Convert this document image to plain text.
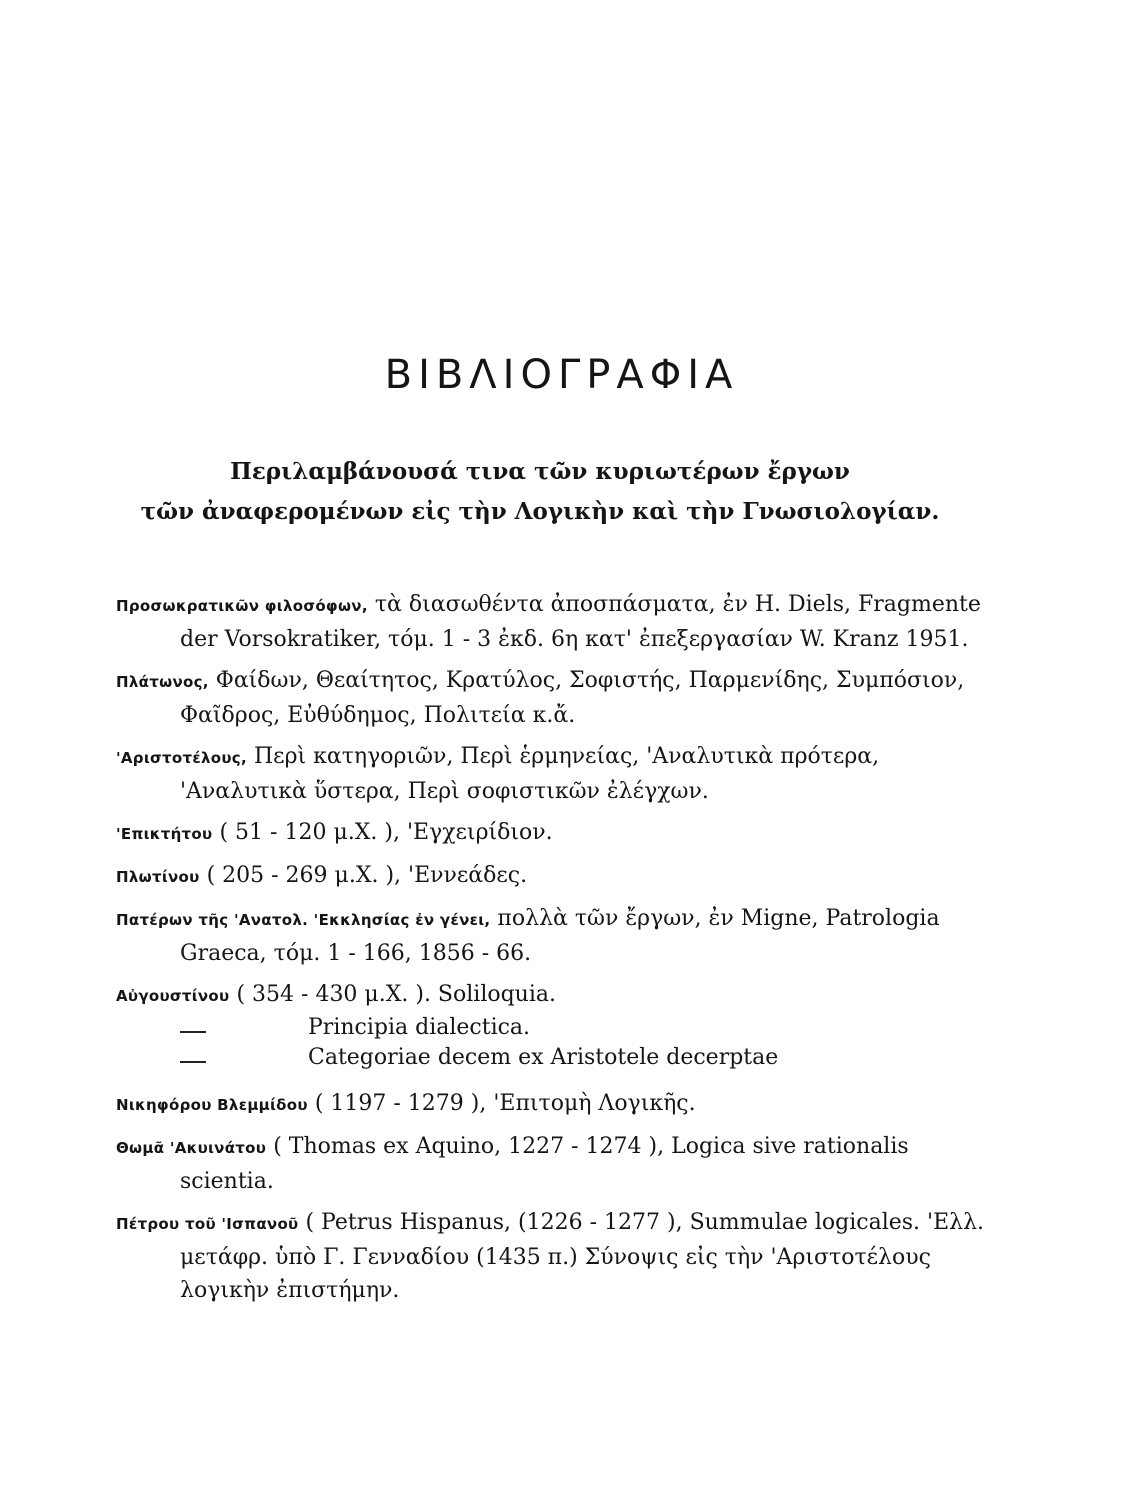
ΒΙΒΛΙΟΓΡΑΦΙΑ
Περιλαμβάνουσά τινα τῶν κυριωτέρων ἔργων
τῶν ἀναφερομένων εἰς τὴν Λογικὴν καὶ τὴν Γνωσιολογίαν.
Προσωκρατικῶν φιλοσόφων, τὰ διασωθέντα ἀποσπάσματα, ἐν H. Diels, Fragmente der Vorsokratiker, τόμ. 1 - 3 ἐκδ. 6η κατ' ἐπεξεργασίαν W. Kranz 1951.
Πλάτωνος, Φαίδων, Θεαίτητος, Κρατύλος, Σοφιστής, Παρμενίδης, Συμπόσιον, Φαῖδρος, Εὐθύδημος, Πολιτεία κ.ἄ.
'Αριστοτέλους, Περὶ κατηγοριῶν, Περὶ ἑρμηνείας, 'Αναλυτικὰ πρότερα, 'Αναλυτικὰ ὕστερα, Περὶ σοφιστικῶν ἐλέγχων.
'Επικτήτου ( 51 - 120 μ.X. ), 'Εγχειρίδιον.
Πλωτίνου ( 205 - 269 μ.X. ), 'Εννεάδες.
Πατέρων τῆς 'Ανατολ. 'Εκκλησίας ἐν γένει, πολλὰ τῶν ἔργων, ἐν Migne, Patrologia Graeca, τόμ. 1 - 166, 1856 - 66.
Αὐγουστίνου ( 354 - 430 μ.X. ). Soliloquia.
Principia dialectica.
Categoriae decem ex Aristotele decerptae
Νικηφόρου Βλεμμίδου ( 1197 - 1279 ), 'Επιτομὴ Λογικῆς.
Θωμᾶ 'Ακυινάτου ( Thomas ex Aquino, 1227 - 1274 ), Logica sive rationalis scientia.
Πέτρου τοῦ 'Ισπανοῦ ( Petrus Hispanus, (1226 - 1277 ), Summulae logicales. 'Ελλ. μετάφρ. ὑπὸ Γ. Γενναδίου (1435 π.) Σύνοψις εἰς τὴν 'Αριστοτέλους λογικὴν ἐπιστήμην.
